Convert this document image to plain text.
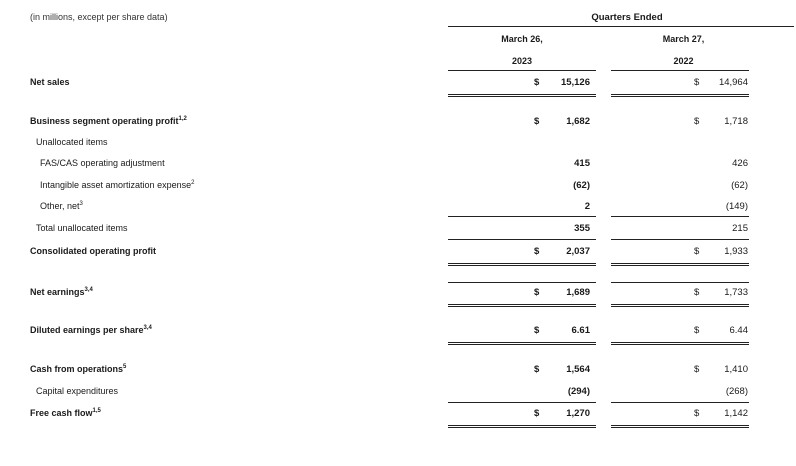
(in millions, except per share data)	Quarters Ended
March 26,
2023
March 27,
2022
Net sales	$	15,126	$	14,964
Business segment operating profit$^{1,2}$	$	1,682	$	1,718
Unallocated items
FAS/CAS operating adjustment	415	426
Intangible asset amortization expense$^2$	(62)	(62)
Other, net$^3$	2	(149)
Total unallocated items	355	215
Consolidated operating profit	$	2,037	$	1,933
Net earnings$^{3,4}$	$	1,689	$	1,733
Diluted earnings per share$^{3,4}$	$	6.61	$	6.44
Cash from operations$^5$	$	1,564	$	1,410
Capital expenditures	(294)	(268)
Free cash flow$^{1,5}$	$	1,270	$	1,142
